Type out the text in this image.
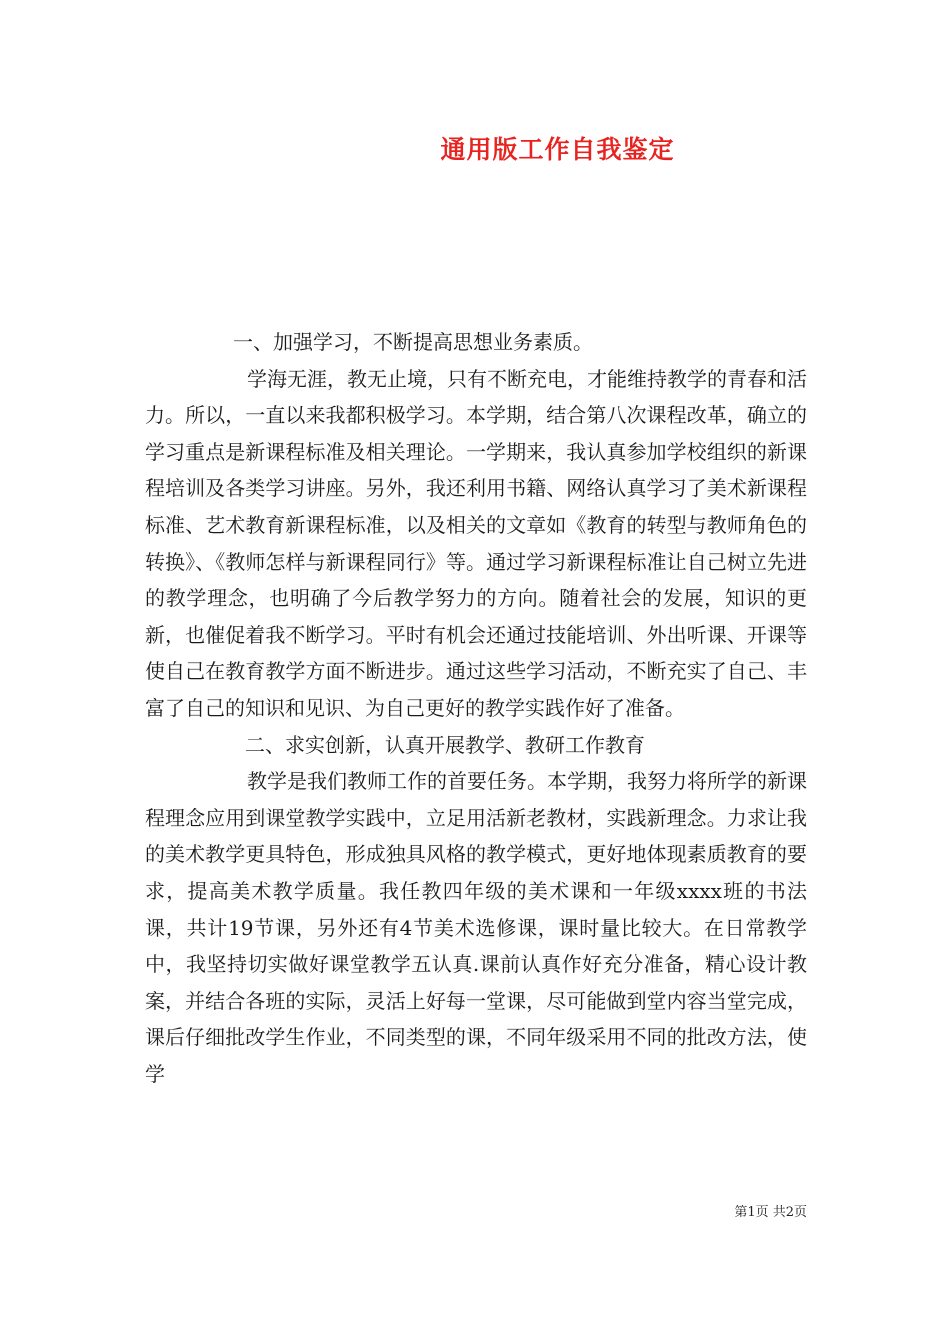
通用版工作自我鉴定

一、加强学习，不断提高思想业务素质。

学海无涯，教无止境，只有不断充电，才能维持教学的青春和活力。所以，一直以来我都积极学习。本学期，结合第八次课程改革，确立的学习重点是新课程标准及相关理论。一学期来，我认真参加学校组织的新课程培训及各类学习讲座。另外，我还利用书籍、网络认真学习了美术新课程标准、艺术教育新课程标准，以及相关的文章如《教育的转型与教师角色的转换》、《教师怎样与新课程同行》等。通过学习新课程标准让自己树立先进的教学理念，也明确了今后教学努力的方向。随着社会的发展，知识的更新，也催促着我不断学习。平时有机会还通过技能培训、外出听课、开课等使自己在教育教学方面不断进步。通过这些学习活动，不断充实了自己、丰富了自己的知识和见识、为自己更好的教学实践作好了准备。

二、求实创新，认真开展教学、教研工作教育

教学是我们教师工作的首要任务。本学期，我努力将所学的新课程理念应用到课堂教学实践中，立足用活新老教材，实践新理念。力求让我的美术教学更具特色，形成独具风格的教学模式，更好地体现素质教育的要求，提高美术教学质量。我任教四年级的美术课和一年级xxxx班的书法课，共计19节课，另外还有4节美术选修课，课时量比较大。在日常教学中，我坚持切实做好课堂教学五认真.课前认真作好充分准备，精心设计教案，并结合各班的实际，灵活上好每一堂课，尽可能做到堂内容当堂完成，课后仔细批改学生作业，不同类型的课，不同年级采用不同的批改方法，使学

第1页 共2页
